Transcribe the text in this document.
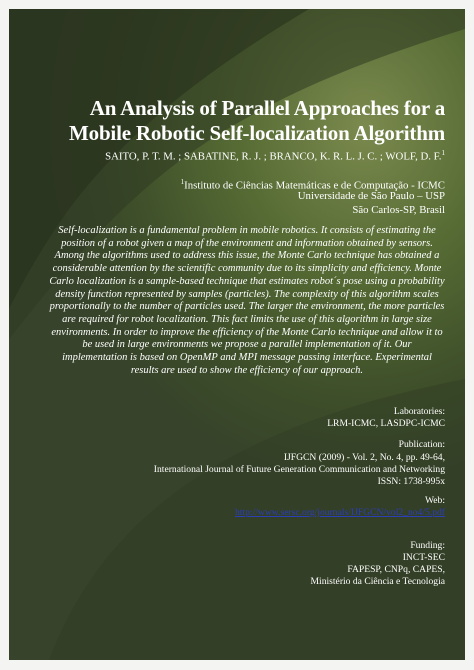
An Analysis of Parallel Approaches for a
Mobile Robotic Self-localization Algorithm
SAITO, P. T. M. ; SABATINE, R. J. ; BRANCO, K. R. L. J. C. ; WOLF, D. F.$^1$
$^1$Instituto de Ciências Matemáticas e de Computação - ICMC
Universidade de São Paulo – USP
São Carlos-SP, Brasil
Self-localization is a fundamental problem in mobile robotics. It consists of estimating the position of a robot given a map of the environment and information obtained by sensors. Among the algorithms used to address this issue, the Monte Carlo technique has obtained a considerable attention by the scientific community due to its simplicity and efficiency. Monte Carlo localization is a sample-based technique that estimates robot´s pose using a probability density function represented by samples (particles). The complexity of this algorithm scales proportionally to the number of particles used. The larger the environment, the more particles are required for robot localization. This fact limits the use of this algorithm in large size environments. In order to improve the efficiency of the Monte Carlo technique and allow it to be used in large environments we propose a parallel implementation of it. Our implementation is based on OpenMP and MPI message passing interface. Experimental results are used to show the efficiency of our approach.
Laboratories:
LRM-ICMC, LASDPC-ICMC
Publication:
IJFGCN (2009) - Vol. 2, No. 4, pp. 49-64,
International Journal of Future Generation Communication and Networking
ISSN: 1738-995x
Web:
http://www.sersc.org/journals/IJFGCN/vol2_no4/5.pdf
Funding:
INCT-SEC
FAPESP, CNPq, CAPES,
Ministério da Ciência e Tecnologia
